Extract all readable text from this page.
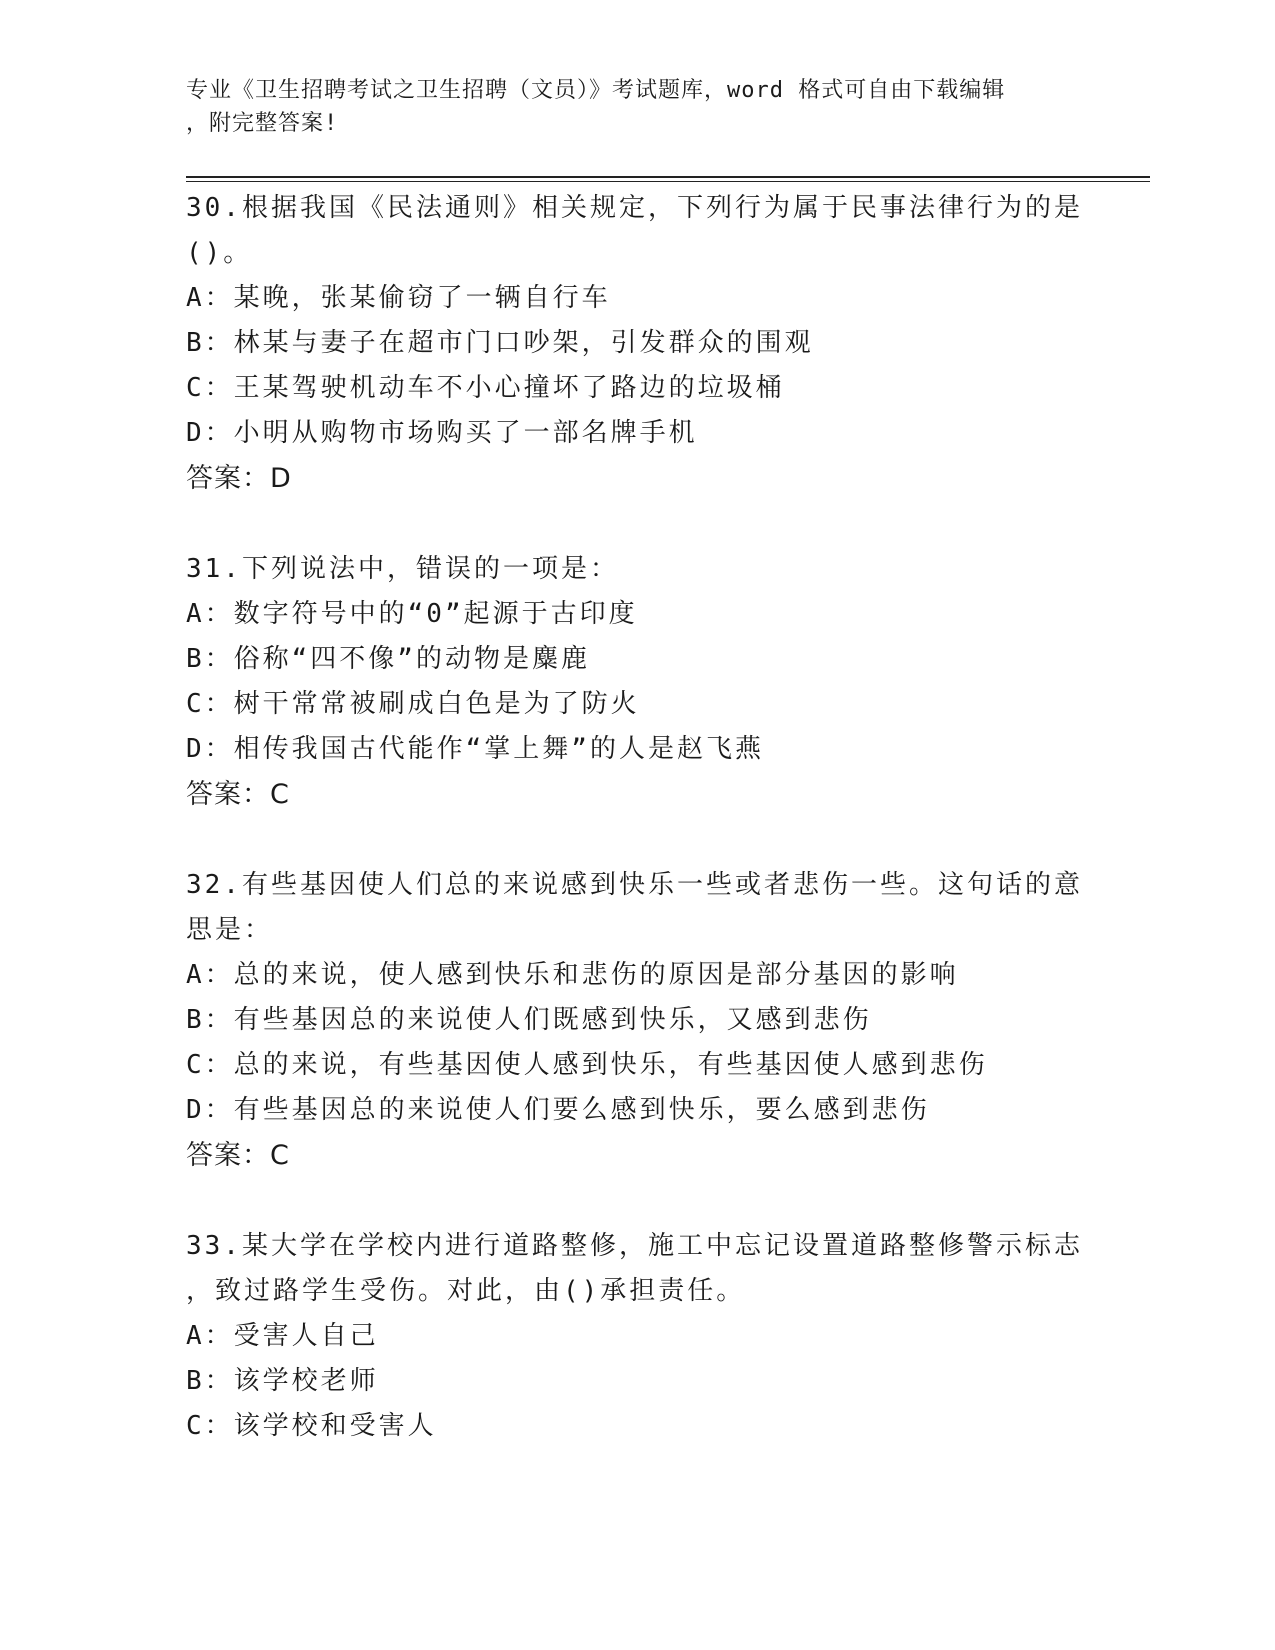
专业《卫生招聘考试之卫生招聘（文员）》考试题库，word 格式可自由下载编辑
，附完整答案!
30.根据我国《民法通则》相关规定，下列行为属于民事法律行为的是
()。
A：某晚，张某偷窃了一辆自行车
B：林某与妻子在超市门口吵架，引发群众的围观
C：王某驾驶机动车不小心撞坏了路边的垃圾桶
D：小明从购物市场购买了一部名牌手机
答案：D
31.下列说法中，错误的一项是：
A：数字符号中的“0”起源于古印度
B：俗称“四不像”的动物是麋鹿
C：树干常常被刷成白色是为了防火
D：相传我国古代能作“掌上舞”的人是赵飞燕
答案：C
32.有些基因使人们总的来说感到快乐一些或者悲伤一些。这句话的意
思是：
A：总的来说，使人感到快乐和悲伤的原因是部分基因的影响
B：有些基因总的来说使人们既感到快乐，又感到悲伤
C：总的来说，有些基因使人感到快乐，有些基因使人感到悲伤
D：有些基因总的来说使人们要么感到快乐，要么感到悲伤
答案：C
33.某大学在学校内进行道路整修，施工中忘记设置道路整修警示标志
，致过路学生受伤。对此，由()承担责任。
A：受害人自己
B：该学校老师
C：该学校和受害人
